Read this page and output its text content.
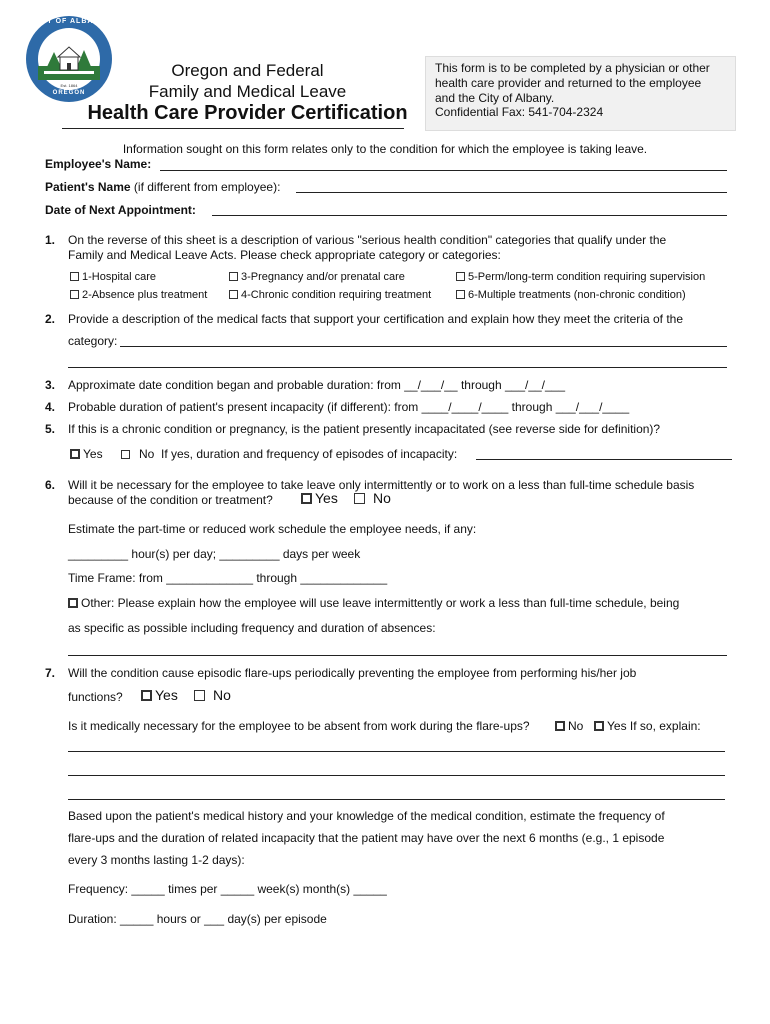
CITY OF ALBANY
OREGON
Est. 1864
Oregon and Federal
Family and Medical Leave
Health Care Provider Certification
This form is to be completed by a physician or other
health care provider and returned to the employee
and the City of Albany.
Confidential Fax: 541-704-2324
Information sought on this form relates only to the condition for which the employee is taking leave.
Employee's Name:
Patient's Name (if different from employee):
Date of Next Appointment:
1. On the reverse of this sheet is a description of various "serious health condition" categories that qualify under the
Family and Medical Leave Acts. Please check appropriate category or categories:
1-Hospital care	3-Pregnancy and/or prenatal care	5-Perm/long-term condition requiring supervision
2-Absence plus treatment	4-Chronic condition requiring treatment	6-Multiple treatments (non-chronic condition)
2. Provide a description of the medical facts that support your certification and explain how they meet the criteria of the
category:
3. Approximate date condition began and probable duration: from __/___/__ through ___/__/___
4. Probable duration of patient's present incapacity (if different): from ____/____/____ through ___/___/____
5. If this is a chronic condition or pregnancy, is the patient presently incapacitated (see reverse side for definition)?
Yes	No If yes, duration and frequency of episodes of incapacity:
6. Will it be necessary for the employee to take leave only intermittently or to work on a less than full-time schedule basis
because of the condition or treatment?	Yes	No
Estimate the part-time or reduced work schedule the employee needs, if any:
_________ hour(s) per day; _________ days per week
Time Frame: from _____________ through _____________
Other: Please explain how the employee will use leave intermittently or work a less than full-time schedule, being
as specific as possible including frequency and duration of absences:
7. Will the condition cause episodic flare-ups periodically preventing the employee from performing his/her job
functions?	Yes	No
Is it medically necessary for the employee to be absent from work during the flare-ups?	No	Yes If so, explain:
Based upon the patient's medical history and your knowledge of the medical condition, estimate the frequency of
flare-ups and the duration of related incapacity that the patient may have over the next 6 months (e.g., 1 episode
every 3 months lasting 1-2 days):
Frequency: _____ times per _____ week(s) month(s) _____
Duration: _____ hours or ___ day(s) per episode
